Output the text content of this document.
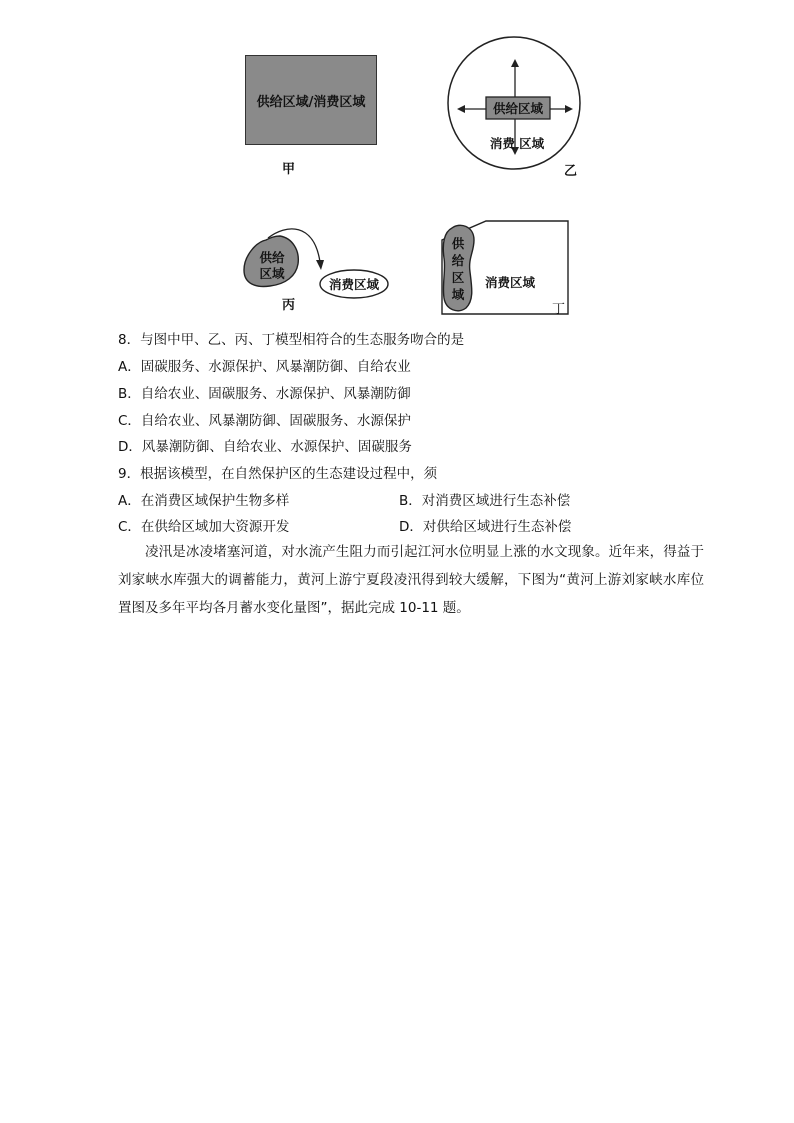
供给区域/消费区域
甲
供给区域
消费 区域
乙
供给
区域
消费区域
丙
供
给
区
域
消费区域
丁
8．与图中甲、乙、丙、丁模型相符合的生态服务吻合的是
A．固碳服务、水源保护、风暴潮防御、自给农业
B．自给农业、固碳服务、水源保护、风暴潮防御
C．自给农业、风暴潮防御、固碳服务、水源保护
D．风暴潮防御、自给农业、水源保护、固碳服务
9．根据该模型，在自然保护区的生态建设过程中，须
A．在消费区域保护生物多样	B．对消费区域进行生态补偿
C．在供给区域加大资源开发	D．对供给区域进行生态补偿
凌汛是冰凌堵塞河道，对水流产生阻力而引起江河水位明显上涨的水文现象。近年来，得益于刘家峡水库强大的调蓄能力，黄河上游宁夏段凌汛得到较大缓解，下图为“黄河上游刘家峡水库位置图及多年平均各月蓄水变化量图”，据此完成 10-11 题。
